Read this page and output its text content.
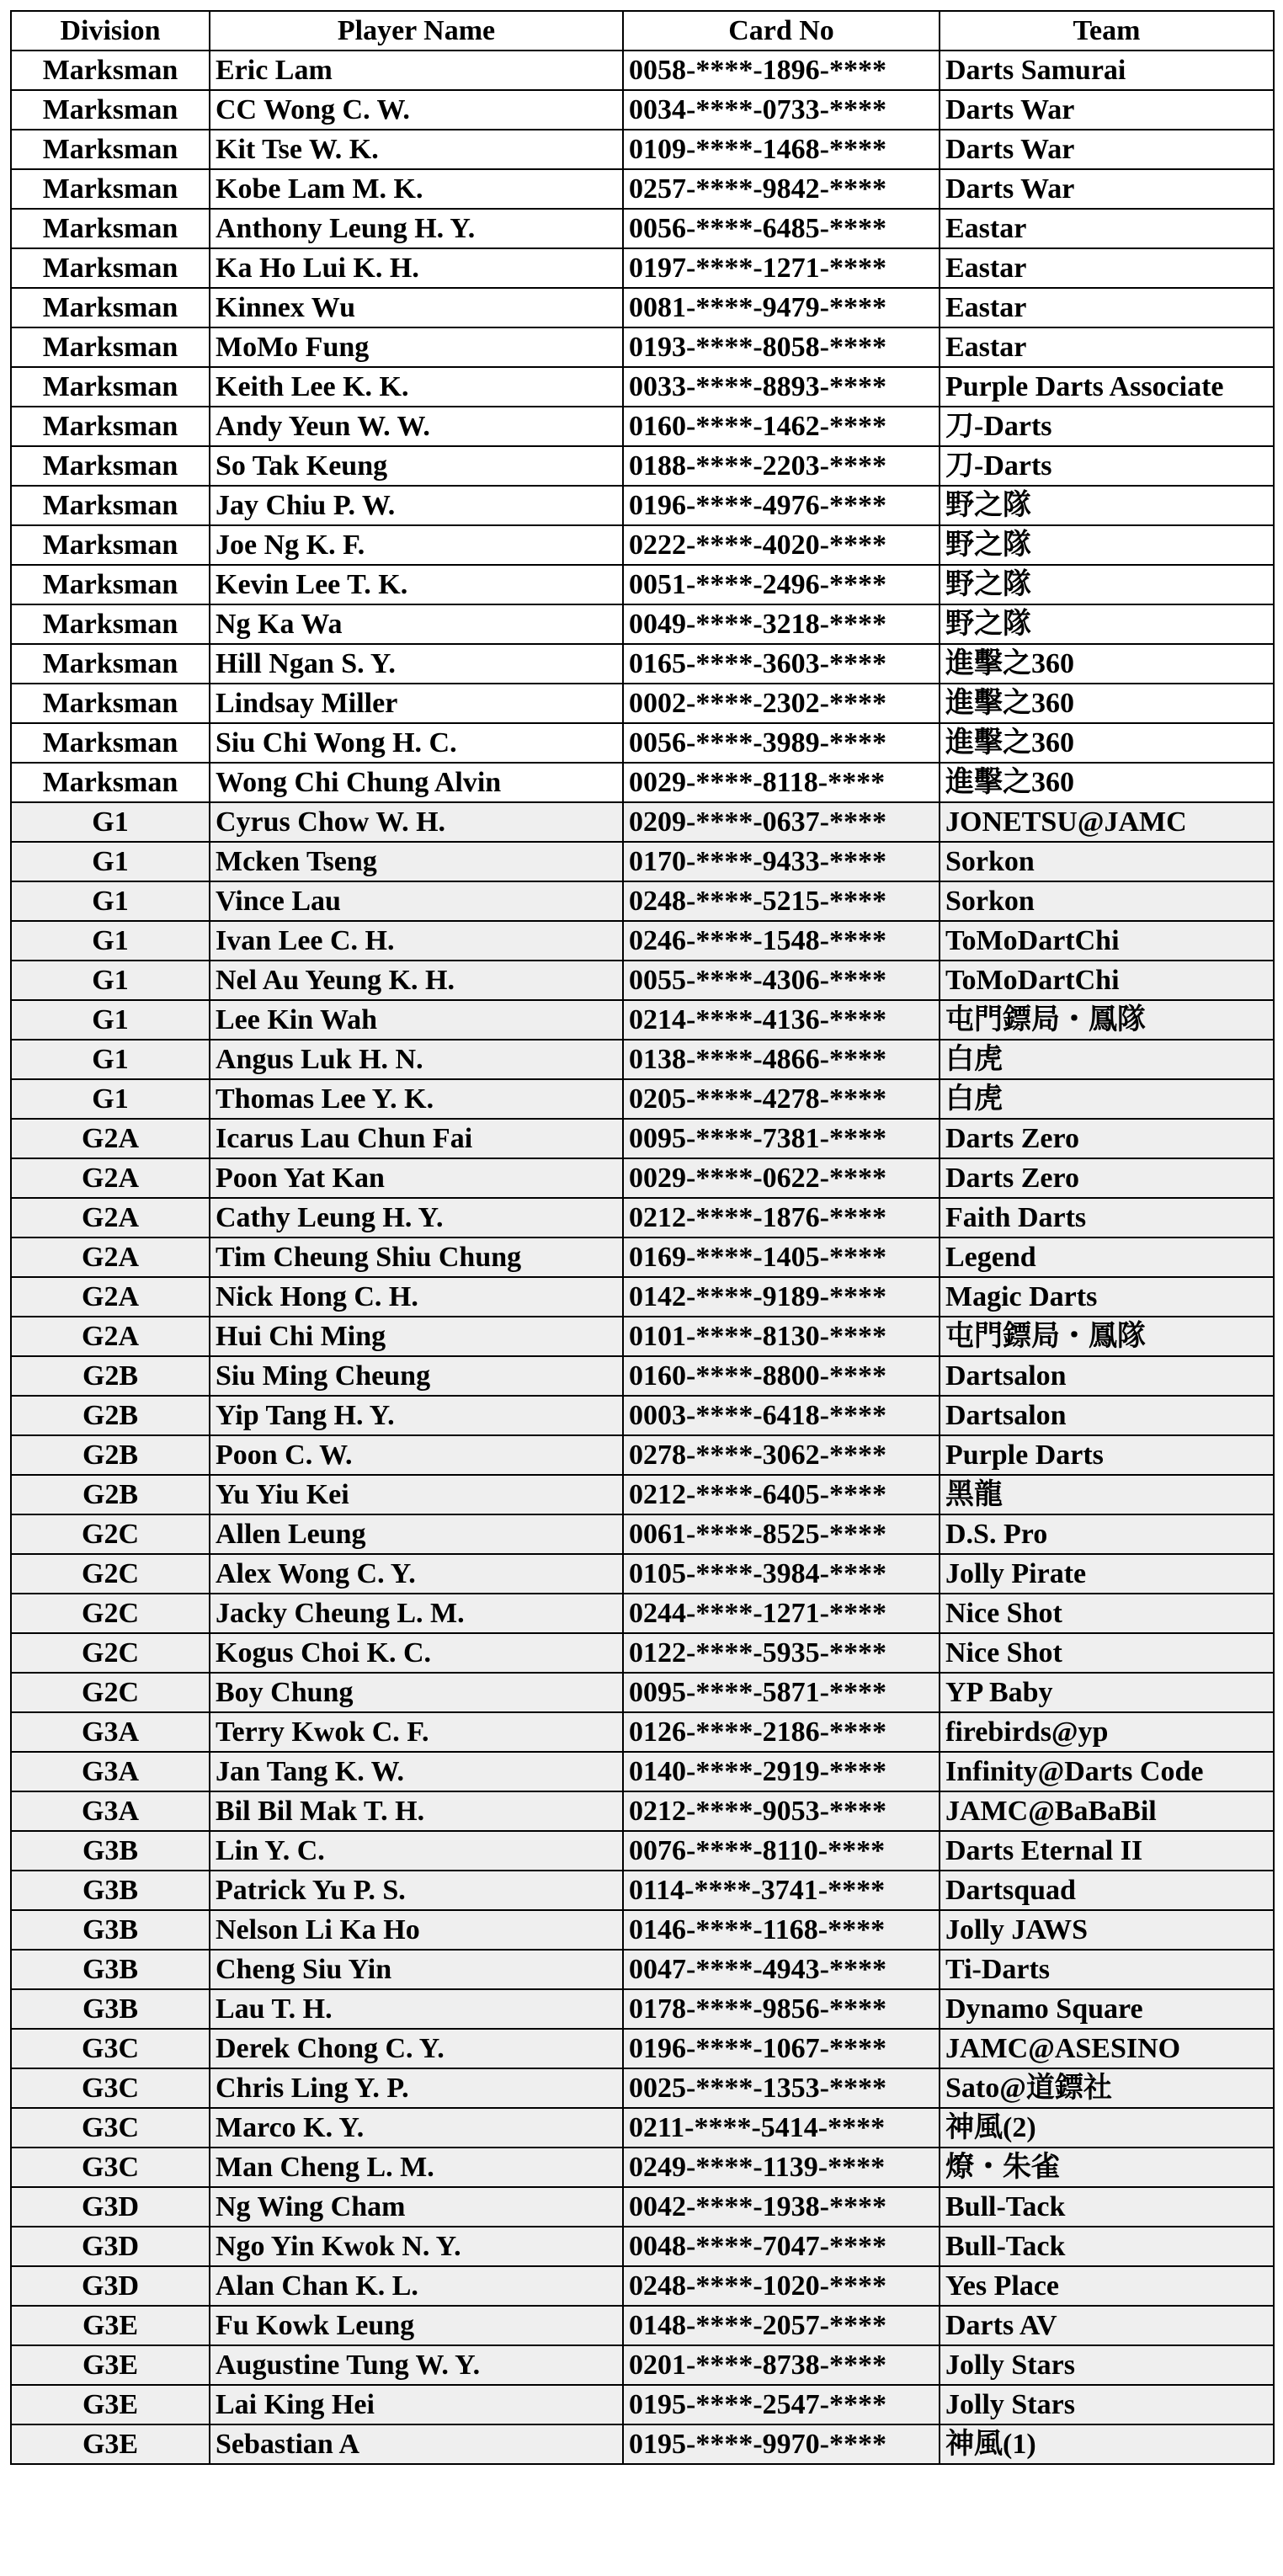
Division	Player Name	Card No	Team
Marksman	Eric Lam	0058-****-1896-****	Darts Samurai
Marksman	CC Wong C. W.	0034-****-0733-****	Darts War
Marksman	Kit Tse W. K.	0109-****-1468-****	Darts War
Marksman	Kobe Lam M. K.	0257-****-9842-****	Darts War
Marksman	Anthony Leung H. Y.	0056-****-6485-****	Eastar
Marksman	Ka Ho Lui K. H.	0197-****-1271-****	Eastar
Marksman	Kinnex Wu	0081-****-9479-****	Eastar
Marksman	MoMo Fung	0193-****-8058-****	Eastar
Marksman	Keith Lee K. K.	0033-****-8893-****	Purple Darts Associate
Marksman	Andy Yeun W. W.	0160-****-1462-****	刀-Darts
Marksman	So Tak Keung	0188-****-2203-****	刀-Darts
Marksman	Jay Chiu P. W.	0196-****-4976-****	野之隊
Marksman	Joe Ng K. F.	0222-****-4020-****	野之隊
Marksman	Kevin Lee T. K.	0051-****-2496-****	野之隊
Marksman	Ng Ka Wa	0049-****-3218-****	野之隊
Marksman	Hill Ngan S. Y.	0165-****-3603-****	進擊之360
Marksman	Lindsay Miller	0002-****-2302-****	進擊之360
Marksman	Siu Chi Wong H. C.	0056-****-3989-****	進擊之360
Marksman	Wong Chi Chung Alvin	0029-****-8118-****	進擊之360
G1	Cyrus Chow W. H.	0209-****-0637-****	JONETSU@JAMC
G1	Mcken Tseng	0170-****-9433-****	Sorkon
G1	Vince Lau	0248-****-5215-****	Sorkon
G1	Ivan Lee C. H.	0246-****-1548-****	ToMoDartChi
G1	Nel Au Yeung K. H.	0055-****-4306-****	ToMoDartChi
G1	Lee Kin Wah	0214-****-4136-****	屯門鏢局・鳳隊
G1	Angus Luk H. N.	0138-****-4866-****	白虎
G1	Thomas Lee Y. K.	0205-****-4278-****	白虎
G2A	Icarus Lau Chun Fai	0095-****-7381-****	Darts Zero
G2A	Poon Yat Kan	0029-****-0622-****	Darts Zero
G2A	Cathy Leung H. Y.	0212-****-1876-****	Faith Darts
G2A	Tim Cheung Shiu Chung	0169-****-1405-****	Legend
G2A	Nick Hong C. H.	0142-****-9189-****	Magic Darts
G2A	Hui Chi Ming	0101-****-8130-****	屯門鏢局・鳳隊
G2B	Siu Ming Cheung	0160-****-8800-****	Dartsalon
G2B	Yip Tang H. Y.	0003-****-6418-****	Dartsalon
G2B	Poon C. W.	0278-****-3062-****	Purple Darts
G2B	Yu Yiu Kei	0212-****-6405-****	黑龍
G2C	Allen Leung	0061-****-8525-****	D.S. Pro
G2C	Alex Wong C. Y.	0105-****-3984-****	Jolly Pirate
G2C	Jacky Cheung L. M.	0244-****-1271-****	Nice Shot
G2C	Kogus Choi K. C.	0122-****-5935-****	Nice Shot
G2C	Boy Chung	0095-****-5871-****	YP Baby
G3A	Terry Kwok C. F.	0126-****-2186-****	firebirds@yp
G3A	Jan Tang K. W.	0140-****-2919-****	Infinity@Darts Code
G3A	Bil Bil Mak T. H.	0212-****-9053-****	JAMC@BaBaBil
G3B	Lin Y. C.	0076-****-8110-****	Darts Eternal II
G3B	Patrick Yu P. S.	0114-****-3741-****	Dartsquad
G3B	Nelson Li Ka Ho	0146-****-1168-****	Jolly JAWS
G3B	Cheng Siu Yin	0047-****-4943-****	Ti-Darts
G3B	Lau T. H.	0178-****-9856-****	Dynamo Square
G3C	Derek Chong C. Y.	0196-****-1067-****	JAMC@ASESINO
G3C	Chris Ling Y. P.	0025-****-1353-****	Sato@道鏢社
G3C	Marco K. Y.	0211-****-5414-****	神風(2)
G3C	Man Cheng L. M.	0249-****-1139-****	燎・朱雀
G3D	Ng Wing Cham	0042-****-1938-****	Bull-Tack
G3D	Ngo Yin Kwok N. Y.	0048-****-7047-****	Bull-Tack
G3D	Alan Chan K. L.	0248-****-1020-****	Yes Place
G3E	Fu Kowk Leung	0148-****-2057-****	Darts AV
G3E	Augustine Tung W. Y.	0201-****-8738-****	Jolly Stars
G3E	Lai King Hei	0195-****-2547-****	Jolly Stars
G3E	Sebastian A	0195-****-9970-****	神風(1)
